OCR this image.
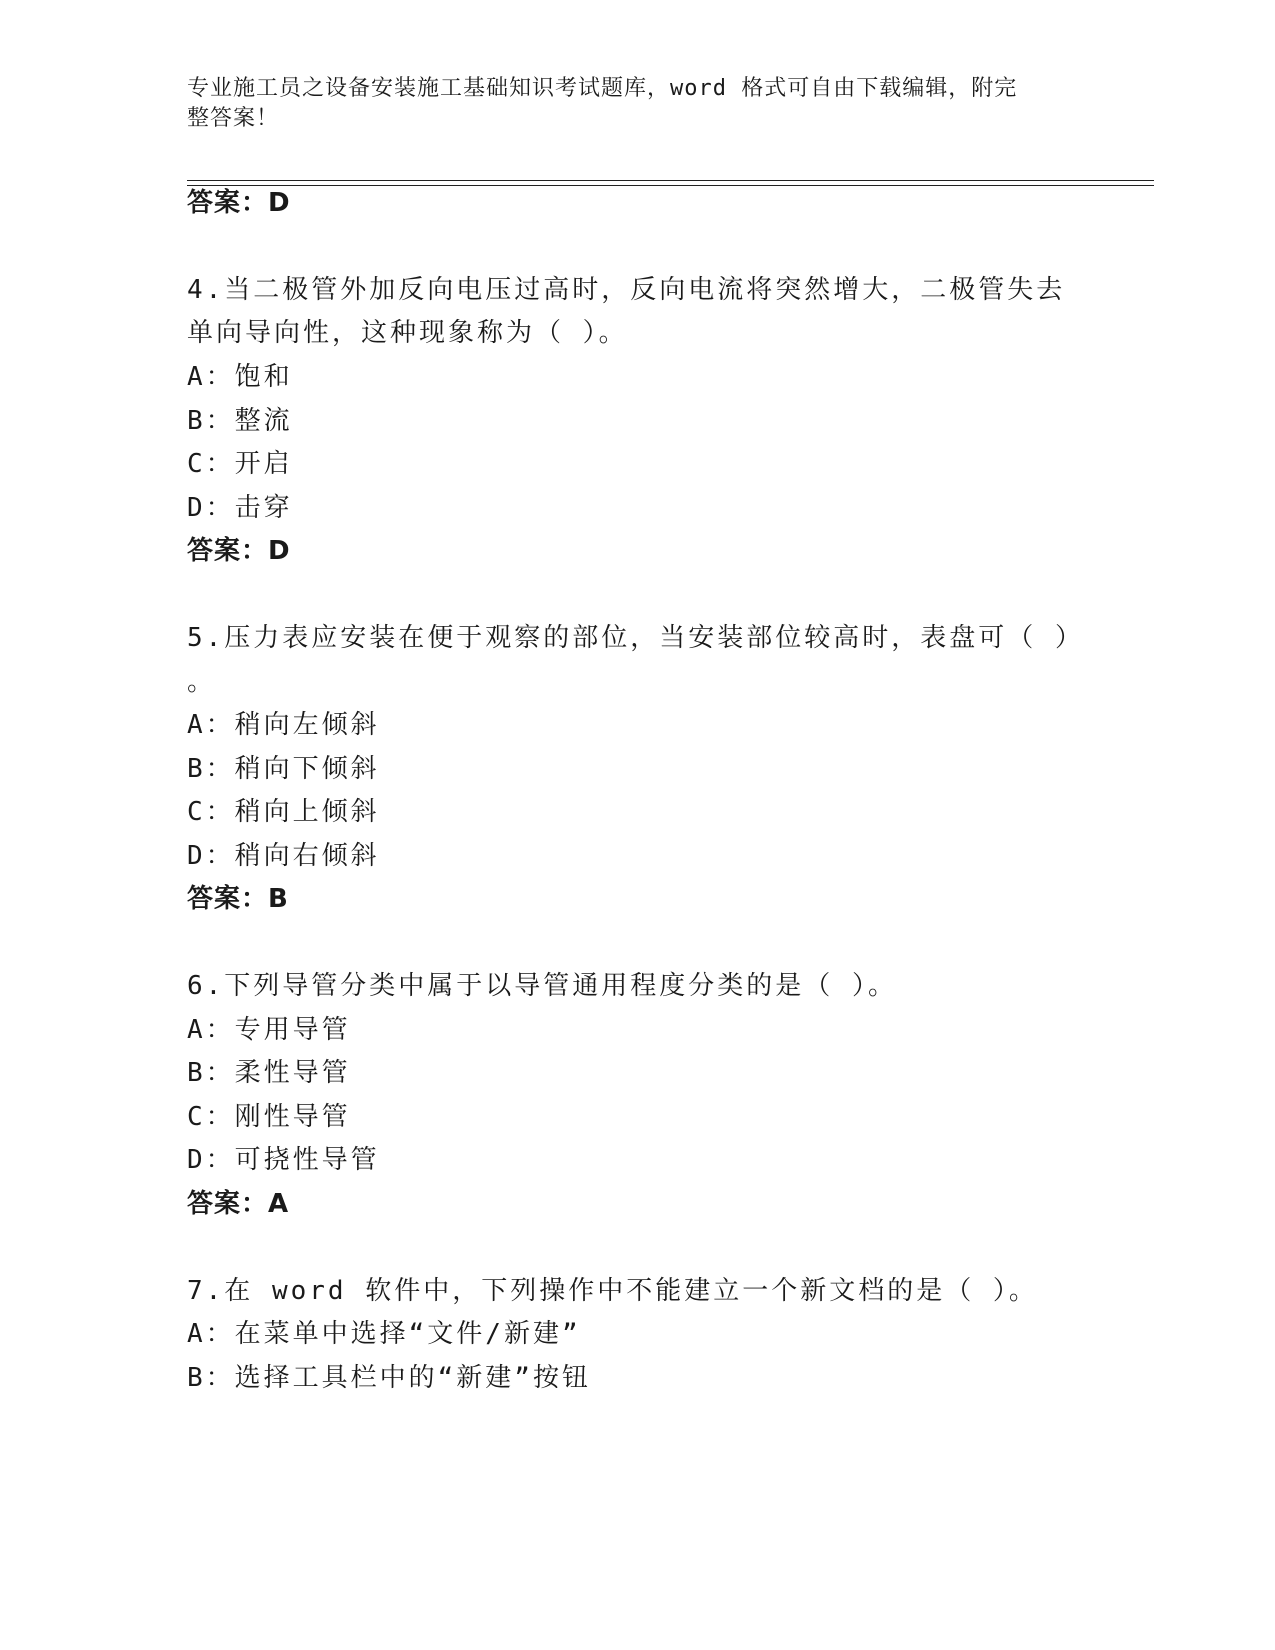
专业施工员之设备安装施工基础知识考试题库，word 格式可自由下载编辑，附完
整答案！
答案：D
4.当二极管外加反向电压过高时，反向电流将突然增大，二极管失去
单向导向性，这种现象称为（ ）。
A：饱和
B：整流
C：开启
D：击穿
答案：D
5.压力表应安装在便于观察的部位，当安装部位较高时，表盘可（ ）
。
A：稍向左倾斜
B：稍向下倾斜
C：稍向上倾斜
D：稍向右倾斜
答案：B
6.下列导管分类中属于以导管通用程度分类的是（ ）。
A：专用导管
B：柔性导管
C：刚性导管
D：可挠性导管
答案：A
7.在 word 软件中，下列操作中不能建立一个新文档的是（ ）。
A：在菜单中选择“文件/新建”
B：选择工具栏中的“新建”按钮
